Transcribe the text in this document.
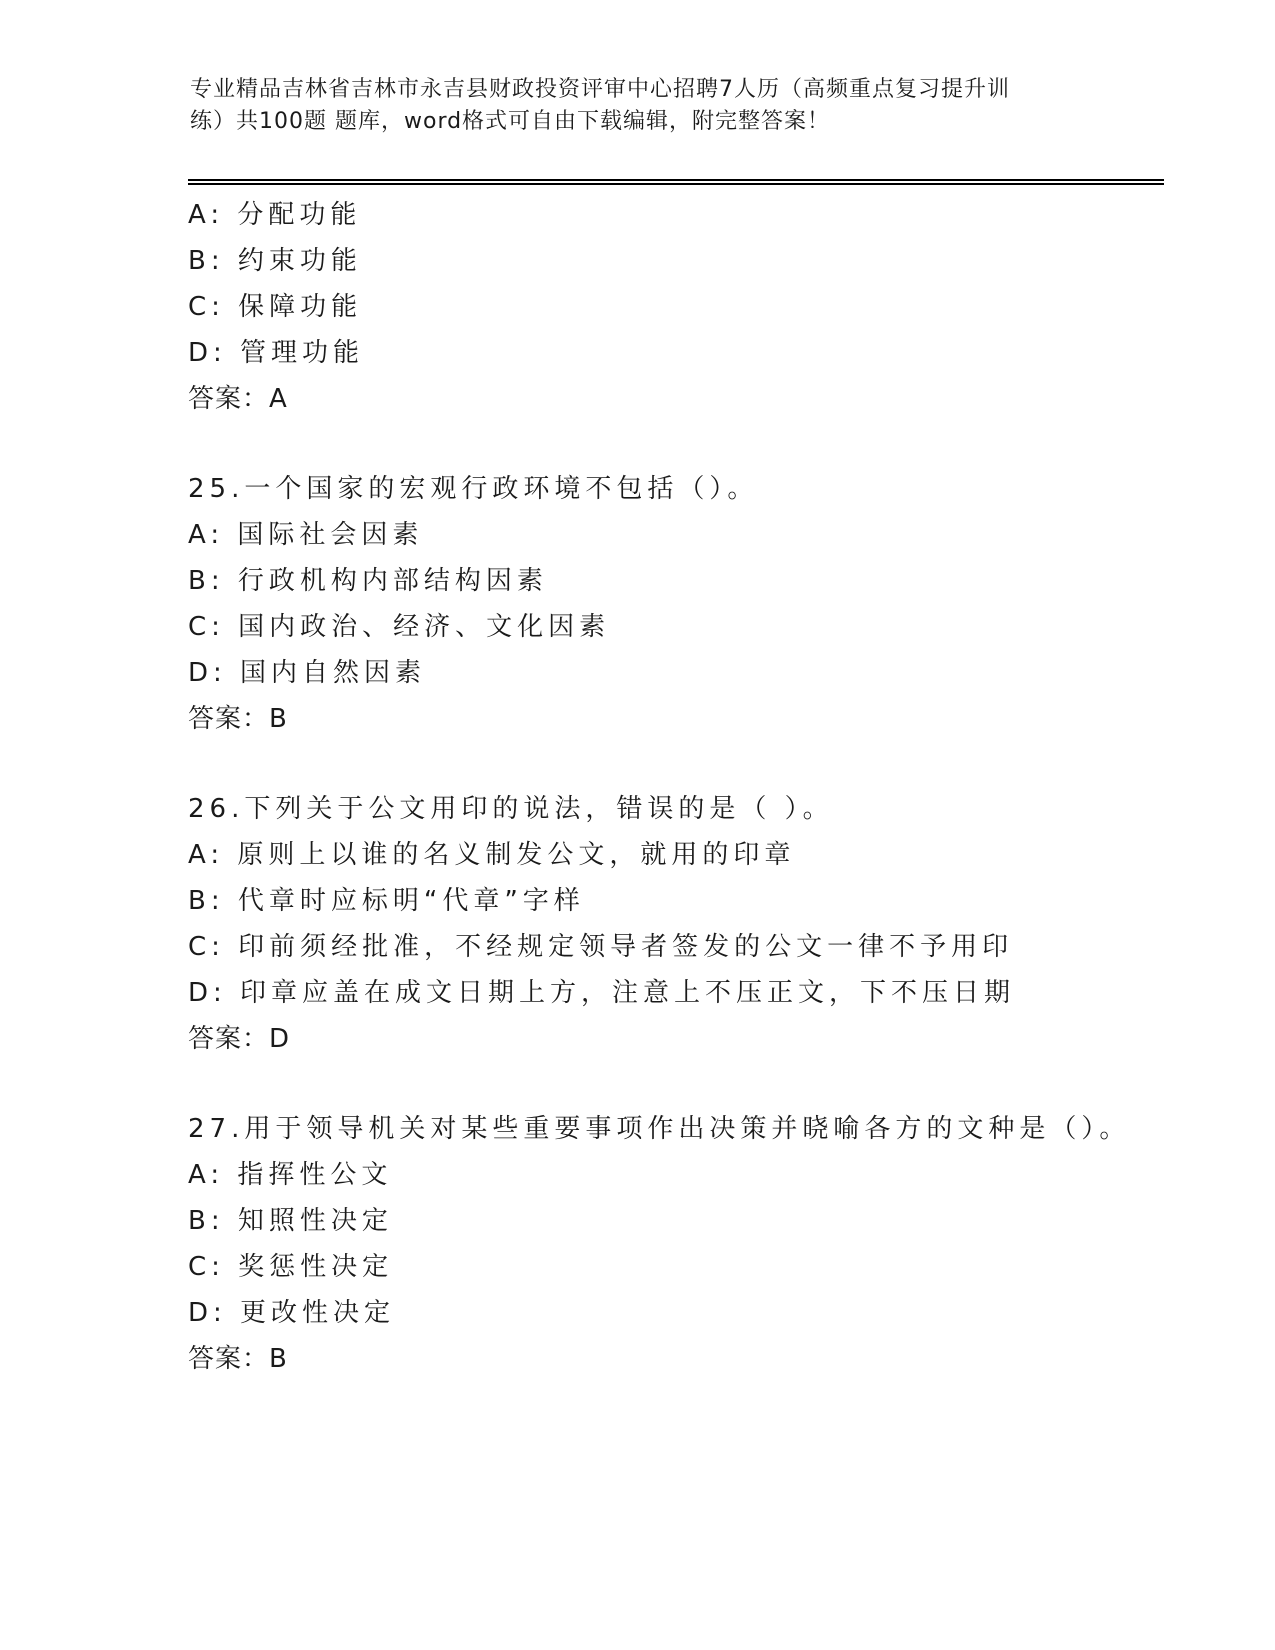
专业精品吉林省吉林市永吉县财政投资评审中心招聘7人历（高频重点复习提升训
练）共100题 题库，word格式可自由下载编辑，附完整答案！
A: 分配功能
B: 约束功能
C: 保障功能
D: 管理功能
答案：A
25.一个国家的宏观行政环境不包括（）。
A: 国际社会因素
B: 行政机构内部结构因素
C: 国内政治、经济、文化因素
D: 国内自然因素
答案：B
26.下列关于公文用印的说法，错误的是（ ）。
A: 原则上以谁的名义制发公文，就用的印章
B: 代章时应标明“代章”字样
C: 印前须经批准，不经规定领导者签发的公文一律不予用印
D: 印章应盖在成文日期上方，注意上不压正文，下不压日期
答案：D
27.用于领导机关对某些重要事项作出决策并晓喻各方的文种是（）。
A: 指挥性公文
B: 知照性决定
C: 奖惩性决定
D: 更改性决定
答案：B
